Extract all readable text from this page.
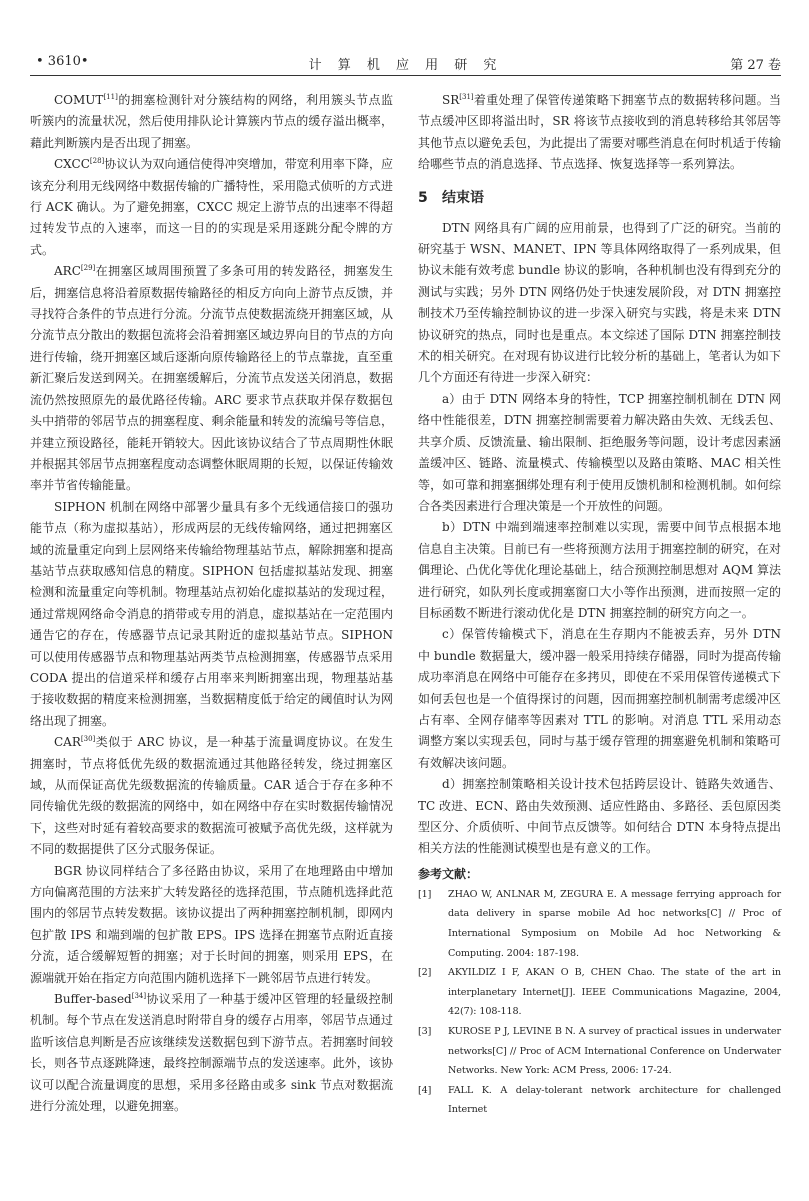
• 3610•	计 算 机 应 用 研 究	第 27 卷

COMUT[11]的拥塞检测针对分簇结构的网络，利用簇头节点监听簇内的流量状况，然后使用排队论计算簇内节点的缓存溢出概率，藉此判断簇内是否出现了拥塞。

CXCC[28]协议认为双向通信使得冲突增加，带宽利用率下降，应该充分利用无线网络中数据传输的广播特性，采用隐式侦听的方式进行 ACK 确认。为了避免拥塞，CXCC 规定上游节点的出速率不得超过转发节点的入速率，而这一目的的实现是采用逐跳分配令牌的方式。

ARC[29]在拥塞区域周围预置了多条可用的转发路径，拥塞发生后，拥塞信息将沿着原数据传输路径的相反方向向上游节点反馈，并寻找符合条件的节点进行分流。分流节点使数据流绕开拥塞区域，从分流节点分散出的数据包流将会沿着拥塞区域边界向目的节点的方向进行传输，绕开拥塞区域后逐渐向原传输路径上的节点靠拢，直至重新汇聚后发送到网关。在拥塞缓解后，分流节点发送关闭消息，数据流仍然按照原先的最优路径传输。ARC 要求节点获取并保存数据包头中捎带的邻居节点的拥塞程度、剩余能量和转发的流编号等信息，并建立预设路径，能耗开销较大。因此该协议结合了节点周期性休眠并根据其邻居节点拥塞程度动态调整休眠周期的长短，以保证传输效率并节省传输能量。

SIPHON 机制在网络中部署少量具有多个无线通信接口的强功能节点（称为虚拟基站），形成两层的无线传输网络，通过把拥塞区域的流量重定向到上层网络来传输给物理基站节点，解除拥塞和提高基站节点获取感知信息的精度。SIPHON 包括虚拟基站发现、拥塞检测和流量重定向等机制。物理基站点初始化虚拟基站的发现过程，通过常规网络命令消息的捎带或专用的消息，虚拟基站在一定范围内通告它的存在，传感器节点记录其附近的虚拟基站节点。SIPHON 可以使用传感器节点和物理基站两类节点检测拥塞，传感器节点采用 CODA 提出的信道采样和缓存占用率来判断拥塞出现，物理基站基于接收数据的精度来检测拥塞，当数据精度低于给定的阈值时认为网络出现了拥塞。

CAR[30]类似于 ARC 协议，是一种基于流量调度协议。在发生拥塞时，节点将低优先级的数据流通过其他路径转发，绕过拥塞区域，从而保证高优先级数据流的传输质量。CAR 适合于存在多种不同传输优先级的数据流的网络中，如在网络中存在实时数据传输情况下，这些对时延有着较高要求的数据流可被赋予高优先级，这样就为不同的数据提供了区分式服务保证。

BGR 协议同样结合了多径路由协议，采用了在地理路由中增加方向偏离范围的方法来扩大转发路径的选择范围，节点随机选择此范围内的邻居节点转发数据。该协议提出了两种拥塞控制机制，即网内包扩散 IPS 和端到端的包扩散 EPS。IPS 选择在拥塞节点附近直接分流，适合缓解短暂的拥塞；对于长时间的拥塞，则采用 EPS，在源端就开始在指定方向范围内随机选择下一跳邻居节点进行转发。

Buffer-based[34]协议采用了一种基于缓冲区管理的轻量级控制机制。每个节点在发送消息时附带自身的缓存占用率，邻居节点通过监听该信息判断是否应该继续发送数据包到下游节点。若拥塞时间较长，则各节点逐跳降速，最终控制源端节点的发送速率。此外，该协议可以配合流量调度的思想，采用多径路由或多 sink 节点对数据流进行分流处理，以避免拥塞。

SR[31]着重处理了保管传递策略下拥塞节点的数据转移问题。当节点缓冲区即将溢出时，SR 将该节点接收到的消息转移给其邻居等其他节点以避免丢包，为此提出了需要对哪些消息在何时机适于传输给哪些节点的消息选择、节点选择、恢复选择等一系列算法。

5 结束语

DTN 网络具有广阔的应用前景，也得到了广泛的研究。当前的研究基于 WSN、MANET、IPN 等具体网络取得了一系列成果，但协议未能有效考虑 bundle 协议的影响，各种机制也没有得到充分的测试与实践；另外 DTN 网络仍处于快速发展阶段，对 DTN 拥塞控制技术乃至传输控制协议的进一步深入研究与实践，将是未来 DTN 协议研究的热点，同时也是重点。本文综述了国际 DTN 拥塞控制技术的相关研究。在对现有协议进行比较分析的基础上，笔者认为如下几个方面还有待进一步深入研究：

a）由于 DTN 网络本身的特性，TCP 拥塞控制机制在 DTN 网络中性能很差，DTN 拥塞控制需要着力解决路由失效、无线丢包、共享介质、反馈流量、输出限制、拒绝服务等问题，设计考虑因素涵盖缓冲区、链路、流量模式、传输模型以及路由策略、MAC 相关性等，如可靠和拥塞捆绑处理有利于使用反馈机制和检测机制。如何综合各类因素进行合理决策是一个开放性的问题。

b）DTN 中端到端速率控制难以实现，需要中间节点根据本地信息自主决策。目前已有一些将预测方法用于拥塞控制的研究，在对偶理论、凸优化等优化理论基础上，结合预测控制思想对 AQM 算法进行研究，如队列长度或拥塞窗口大小等作出预测，进而按照一定的目标函数不断进行滚动优化是 DTN 拥塞控制的研究方向之一。

c）保管传输模式下，消息在生存期内不能被丢弃，另外 DTN 中 bundle 数据量大，缓冲器一般采用持续存储器，同时为提高传输成功率消息在网络中可能存在多拷贝，即使在不采用保管传递模式下如何丢包也是一个值得探讨的问题，因而拥塞控制机制需考虑缓冲区占有率、全网存储率等因素对 TTL 的影响。对消息 TTL 采用动态调整方案以实现丢包，同时与基于缓存管理的拥塞避免机制和策略可有效解决该问题。

d）拥塞控制策略相关设计技术包括跨层设计、链路失效通告、TC 改进、ECN、路由失效预测、适应性路由、多路径、丢包原因类型区分、介质侦听、中间节点反馈等。如何结合 DTN 本身特点提出相关方法的性能测试模型也是有意义的工作。

参考文献：
[1] ZHAO W, ANLNAR M, ZEGURA E. A message ferrying approach for data delivery in sparse mobile Ad hoc networks[C] // Proc of International Symposium on Mobile Ad hoc Networking & Computing. 2004: 187-198.
[2] AKYILDIZ I F, AKAN O B, CHEN Chao. The state of the art in interplanetary Internet[J]. IEEE Communications Magazine, 2004, 42(7): 108-118.
[3] KUROSE P J, LEVINE B N. A survey of practical issues in underwater networks[C] // Proc of ACM International Conference on Underwater Networks. New York: ACM Press, 2006: 17-24.
[4] FALL K. A delay-tolerant network architecture for challenged Internet
